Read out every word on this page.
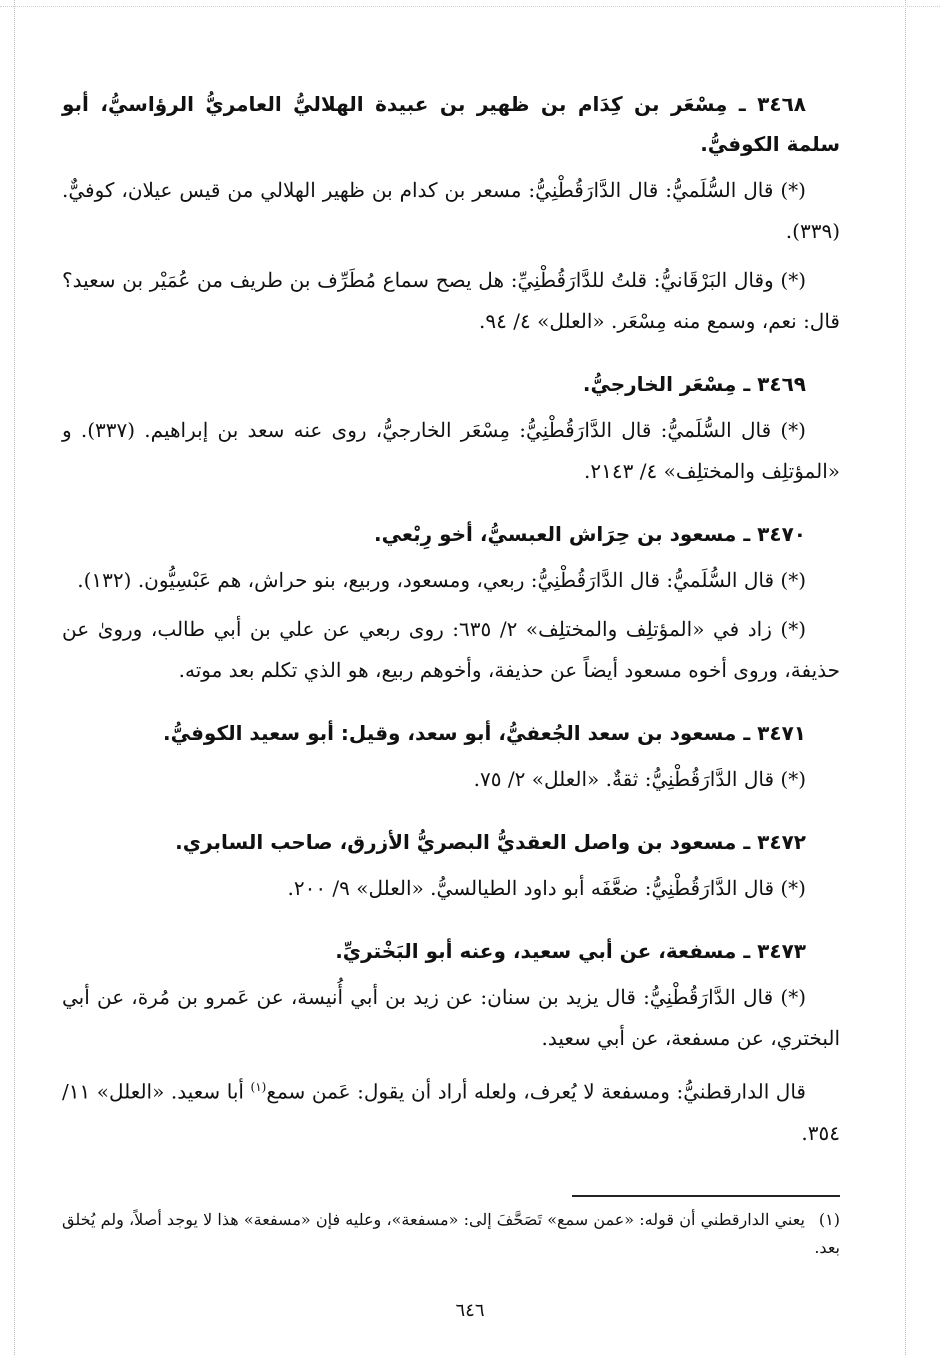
٣٤٦٨ ـ مِسْعَر بن كِدَام بن ظهير بن عبيدة الهلاليُّ العامريُّ الرؤاسيُّ، أبو سلمة الكوفيُّ.

(*) قال السُّلَميُّ: قال الدَّارَقُطْنِيُّ: مسعر بن كدام بن ظهير الهلالي من قيس عيلان، كوفيٌّ. (٣٣٩).

(*) وقال البَرْقَانيُّ: قلتُ للدَّارَقُطْنِيِّ: هل يصح سماع مُطَرِّف بن طريف من عُمَيْر بن سعيد؟ قال: نعم، وسمع منه مِسْعَر. «العلل» ٤/ ٩٤.

٣٤٦٩ ـ مِسْعَر الخارجيُّ.

(*) قال السُّلَميُّ: قال الدَّارَقُطْنِيُّ: مِسْعَر الخارجيُّ، روى عنه سعد بن إبراهيم. (٣٣٧). و «المؤتلِف والمختلِف» ٤/ ٢١٤٣.

٣٤٧٠ ـ مسعود بن حِرَاش العبسيُّ، أخو رِبْعي.

(*) قال السُّلَميُّ: قال الدَّارَقُطْنِيُّ: ربعي، ومسعود، وربيع، بنو حراش، هم عَبْسِيُّون. (١٣٢).

(*) زاد في «المؤتلِف والمختلِف» ٢/ ٦٣٥: روى ربعي عن علي بن أبي طالب، وروىٰ عن حذيفة، وروى أخوه مسعود أيضاً عن حذيفة، وأخوهم ربيع، هو الذي تكلم بعد موته.

٣٤٧١ ـ مسعود بن سعد الجُعفيُّ، أبو سعد، وقيل: أبو سعيد الكوفيُّ.

(*) قال الدَّارَقُطْنِيُّ: ثقةٌ. «العلل» ٢/ ٧٥.

٣٤٧٢ ـ مسعود بن واصل العقديُّ البصريُّ الأزرق، صاحب السابري.

(*) قال الدَّارَقُطْنِيُّ: ضعَّفَه أبو داود الطيالسيُّ. «العلل» ٩/ ٢٠٠.

٣٤٧٣ ـ مسفعة، عن أبي سعيد، وعنه أبو البَخْتريِّ.

(*) قال الدَّارَقُطْنِيُّ: قال يزيد بن سنان: عن زيد بن أبي أُنيسة، عن عَمرو بن مُرة، عن أبي البختري، عن مسفعة، عن أبي سعيد.

قال الدارقطنيُّ: ومسفعة لا يُعرف، ولعله أراد أن يقول: عَمن سمع$^{(١)}$ أبا سعيد. «العلل» ١١/ ٣٥٤.

(١)يعني الدارقطني أن قوله: «عمن سمع» تَصَحَّفَ إلى: «مسفعة»، وعليه فإن «مسفعة» هذا لا يوجد أصلاً، ولم يُخلق بعد.
٦٤٦
